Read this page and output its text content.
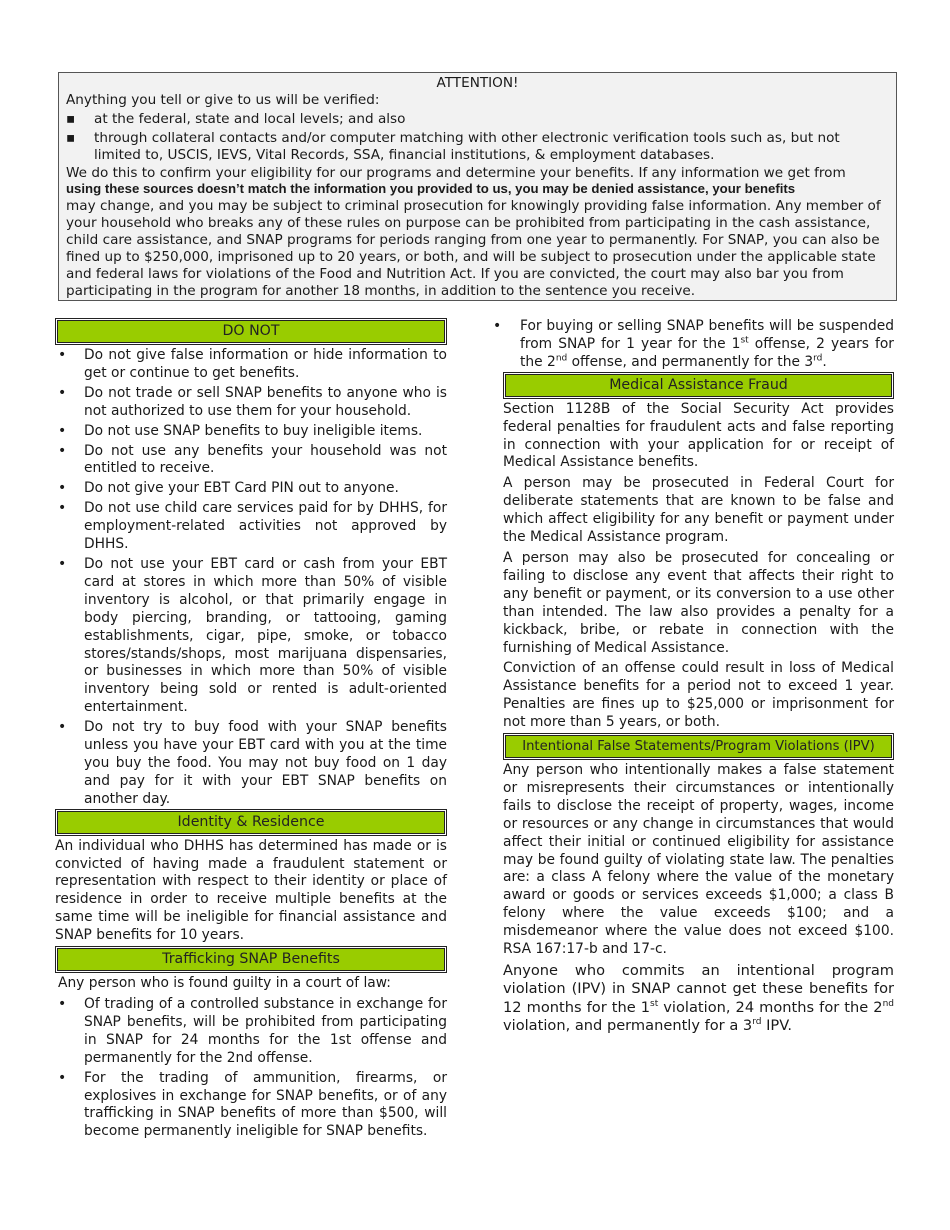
ATTENTION!
Anything you tell or give to us will be verified:
▪ at the federal, state and local levels; and also
▪ through collateral contacts and/or computer matching with other electronic verification tools such as, but not limited to, USCIS, IEVS, Vital Records, SSA, financial institutions, & employment databases.

We do this to confirm your eligibility for our programs and determine your benefits. If any information we get from
using these sources doesn’t match the information you provided to us, you may be denied assistance, your benefits
may change, and you may be subject to criminal prosecution for knowingly providing false information. Any member of your household who breaks any of these rules on purpose can be prohibited from participating in the cash assistance, child care assistance, and SNAP programs for periods ranging from one year to permanently. For SNAP, you can also be fined up to $250,000, imprisoned up to 20 years, or both, and will be subject to prosecution under the applicable state and federal laws for violations of the Food and Nutrition Act. If you are convicted, the court may also bar you from participating in the program for another 18 months, in addition to the sentence you receive.

DO NOT
• Do not give false information or hide information to get or continue to get benefits.
• Do not trade or sell SNAP benefits to anyone who is not authorized to use them for your household.
• Do not use SNAP benefits to buy ineligible items.
• Do not use any benefits your household was not entitled to receive.
• Do not give your EBT Card PIN out to anyone.
• Do not use child care services paid for by DHHS, for employment-related activities not approved by DHHS.
• Do not use your EBT card or cash from your EBT card at stores in which more than 50% of visible inventory is alcohol, or that primarily engage in body piercing, branding, or tattooing, gaming establishments, cigar, pipe, smoke, or tobacco stores/stands/shops, most marijuana dispensaries, or businesses in which more than 50% of visible inventory being sold or rented is adult-oriented entertainment.
• Do not try to buy food with your SNAP benefits unless you have your EBT card with you at the time you buy the food. You may not buy food on 1 day and pay for it with your EBT SNAP benefits on another day.
Identity & Residence

An individual who DHHS has determined has made or is convicted of having made a fraudulent statement or representation with respect to their identity or place of residence in order to receive multiple benefits at the same time will be ineligible for financial assistance and SNAP benefits for 10 years.

Trafficking SNAP Benefits

Any person who is found guilty in a court of law:

• Of trading of a controlled substance in exchange for SNAP benefits, will be prohibited from participating in SNAP for 24 months for the 1st offense and permanently for the 2nd offense.
• For the trading of ammunition, firearms, or explosives in exchange for SNAP benefits, or of any trafficking in SNAP benefits of more than $500, will become permanently ineligible for SNAP benefits.
• For buying or selling SNAP benefits will be suspended from SNAP for 1 year for the 1st offense, 2 years for the 2nd offense, and permanently for the 3rd.
Medical Assistance Fraud

Section 1128B of the Social Security Act provides federal penalties for fraudulent acts and false reporting in connection with your application for or receipt of Medical Assistance benefits.

A person may be prosecuted in Federal Court for deliberate statements that are known to be false and which affect eligibility for any benefit or payment under the Medical Assistance program.

A person may also be prosecuted for concealing or failing to disclose any event that affects their right to any benefit or payment, or its conversion to a use other than intended. The law also provides a penalty for a kickback, bribe, or rebate in connection with the furnishing of Medical Assistance.

Conviction of an offense could result in loss of Medical Assistance benefits for a period not to exceed 1 year. Penalties are fines up to $25,000 or imprisonment for not more than 5 years, or both.

Intentional False Statements/Program Violations (IPV)

Any person who intentionally makes a false statement or misrepresents their circumstances or intentionally fails to disclose the receipt of property, wages, income or resources or any change in circumstances that would affect their initial or continued eligibility for assistance may be found guilty of violating state law. The penalties are: a class A felony where the value of the monetary award or goods or services exceeds $1,000; a class B felony where the value exceeds $100; and a misdemeanor where the value does not exceed $100. RSA 167:17-b and 17-c.

Anyone who commits an intentional program violation (IPV) in SNAP cannot get these benefits for 12 months for the 1st violation, 24 months for the 2nd violation, and permanently for a 3rd IPV.
